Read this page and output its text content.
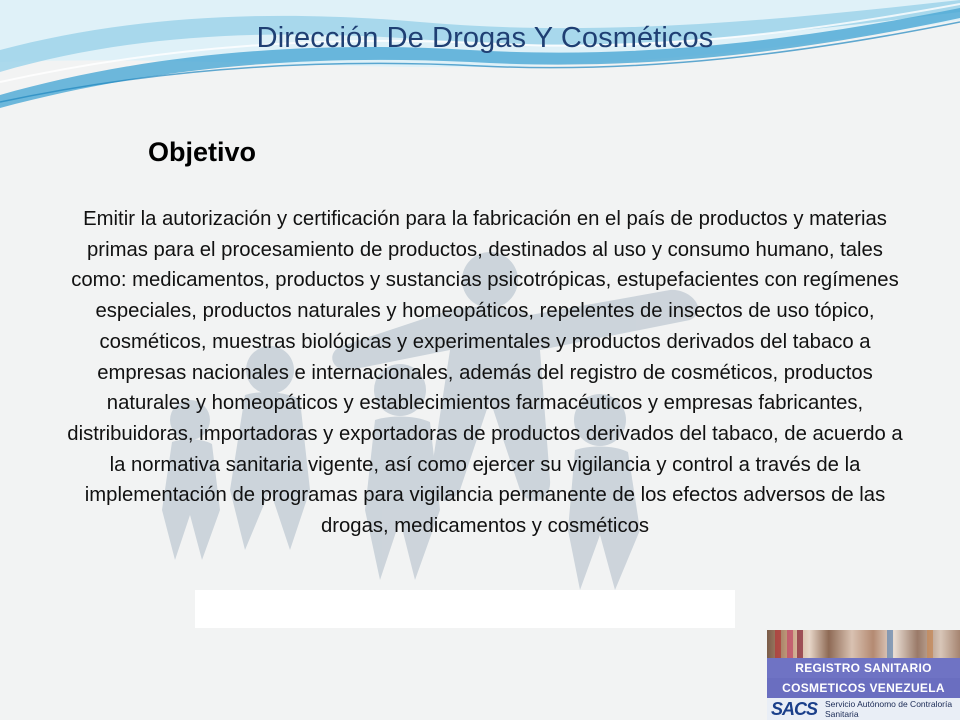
Dirección De Drogas Y Cosméticos
Objetivo
Emitir la autorización y certificación para la fabricación en el país de productos y materias primas para el procesamiento de productos, destinados al uso y consumo humano, tales como: medicamentos, productos y sustancias psicotrópicas, estupefacientes con regímenes especiales, productos naturales y homeopáticos, repelentes de insectos de uso tópico, cosméticos, muestras biológicas y experimentales y productos derivados del tabaco a empresas nacionales e internacionales, además del registro de cosméticos, productos naturales y homeopáticos y establecimientos farmacéuticos y empresas fabricantes, distribuidoras, importadoras y exportadoras de productos derivados del tabaco, de acuerdo a la normativa sanitaria vigente, así como ejercer su vigilancia y control a través de la implementación de programas para vigilancia permanente de los efectos adversos de las drogas, medicamentos y cosméticos
REGISTRO SANITARIO
COSMETICOS VENEZUELA
SACS Servicio Autónomo de Contraloría Sanitaria
